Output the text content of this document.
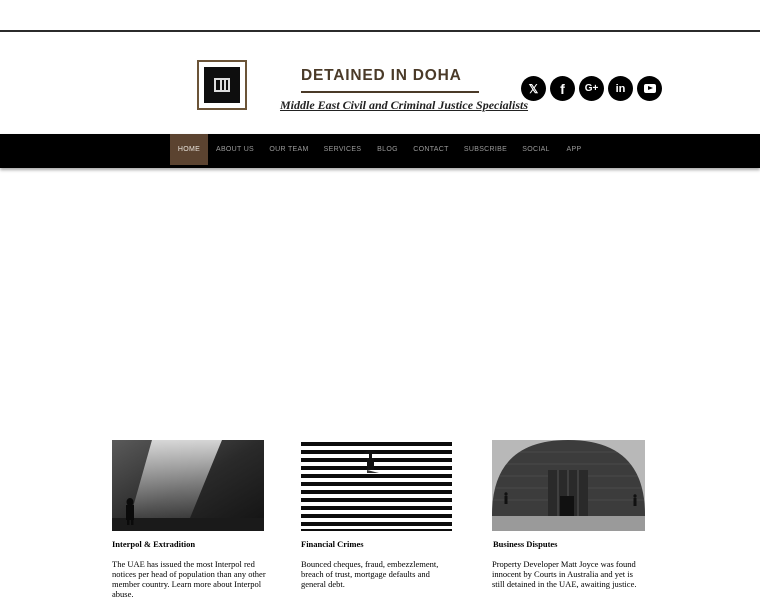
DETAINED IN DOHA
Middle East Civil and Criminal Justice Specialists
𝕏 f G+ in
HOME	ABOUT US	OUR TEAM	SERVICES	BLOG	CONTACT	SUBSCRIBE	SOCIAL	APP
Interpol & Extradition
The UAE has issued the most Interpol red notices per head of population than any other member country. Learn more about Interpol abuse.
Financial Crimes
Bounced cheques, fraud, embezzlement, breach of trust, mortgage defaults and general debt.
Business Disputes
Property Developer Matt Joyce was found innocent by Courts in Australia and yet is still detained in the UAE, awaiting justice.
